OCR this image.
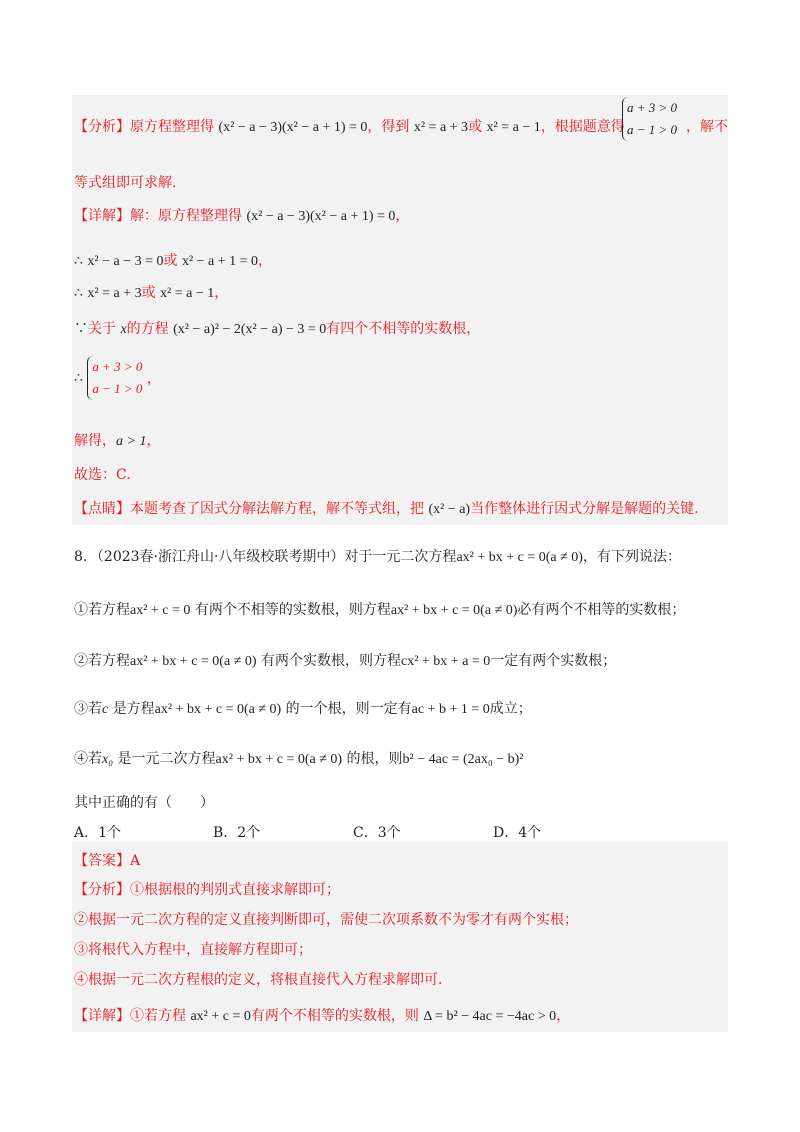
【分析】原方程整理得 (x² − a − 3)(x² − a + 1) = 0，得到 x² = a + 3或 x² = a − 1，根据题意得
a + 3 > 0
a − 1 > 0 ，解不
等式组即可求解.
【详解】解：原方程整理得 (x² − a − 3)(x² − a + 1) = 0，
∴ x² − a − 3 = 0或 x² − a + 1 = 0，
∴ x² = a + 3或 x² = a − 1，
∵关于 x的方程 (x² − a)² − 2(x² − a) − 3 = 0有四个不相等的实数根，
∴
a + 3 > 0
a − 1 > 0
，
解得，a > 1，
故选：C.
【点睛】本题考查了因式分解法解方程，解不等式组，把 (x² − a)当作整体进行因式分解是解题的关键.
8．（2023春·浙江舟山·八年级校联考期中）对于一元二次方程ax² + bx + c = 0(a ≠ 0)，有下列说法：
①若方程ax² + c = 0 有两个不相等的实数根，则方程ax² + bx + c = 0(a ≠ 0)必有两个不相等的实数根；
②若方程ax² + bx + c = 0(a ≠ 0) 有两个实数根，则方程cx² + bx + a = 0一定有两个实数根；
③若c 是方程ax² + bx + c = 0(a ≠ 0) 的一个根，则一定有ac + b + 1 = 0成立；
④若x₀ 是一元二次方程ax² + bx + c = 0(a ≠ 0) 的根，则b² − 4ac = (2ax₀ − b)²
其中正确的有（　　）
A．1个	B．2个	C．3个	D．4个
【答案】A
【分析】①根据根的判别式直接求解即可；
②根据一元二次方程的定义直接判断即可，需使二次项系数不为零才有两个实根；
③将根代入方程中，直接解方程即可；
④根据一元二次方程根的定义，将根直接代入方程求解即可.
【详解】①若方程 ax² + c = 0有两个不相等的实数根，则 Δ = b² − 4ac = −4ac > 0，
